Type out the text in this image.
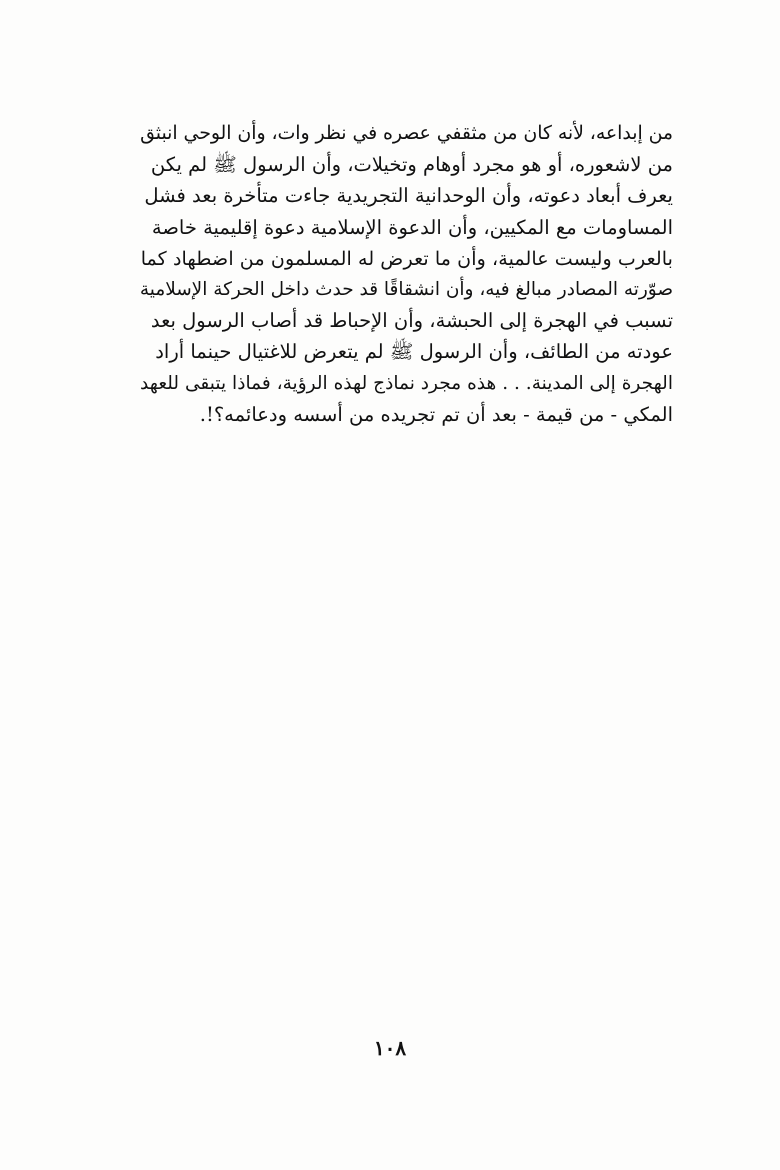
من إبداعه، لأنه كان من مثقفي عصره في نظر وات، وأن الوحي انبثق
من لاشعوره، أو هو مجرد أوهام وتخيلات، وأن الرسول ﷺ لم يكن
يعرف أبعاد دعوته، وأن الوحدانية التجريدية جاءت متأخرة بعد فشل
المساومات مع المكيين، وأن الدعوة الإسلامية دعوة إقليمية خاصة
بالعرب وليست عالمية، وأن ما تعرض له المسلمون من اضطهاد كما
صوّرته المصادر مبالغ فيه، وأن انشقاقًا قد حدث داخل الحركة الإسلامية
تسبب في الهجرة إلى الحبشة، وأن الإحباط قد أصاب الرسول بعد
عودته من الطائف، وأن الرسول ﷺ لم يتعرض للاغتيال حينما أراد
الهجرة إلى المدينة. . . هذه مجرد نماذج لهذه الرؤية، فماذا يتبقى للعهد
المكي - من قيمة - بعد أن تم تجريده من أسسه ودعائمه؟!.
١٠٨
